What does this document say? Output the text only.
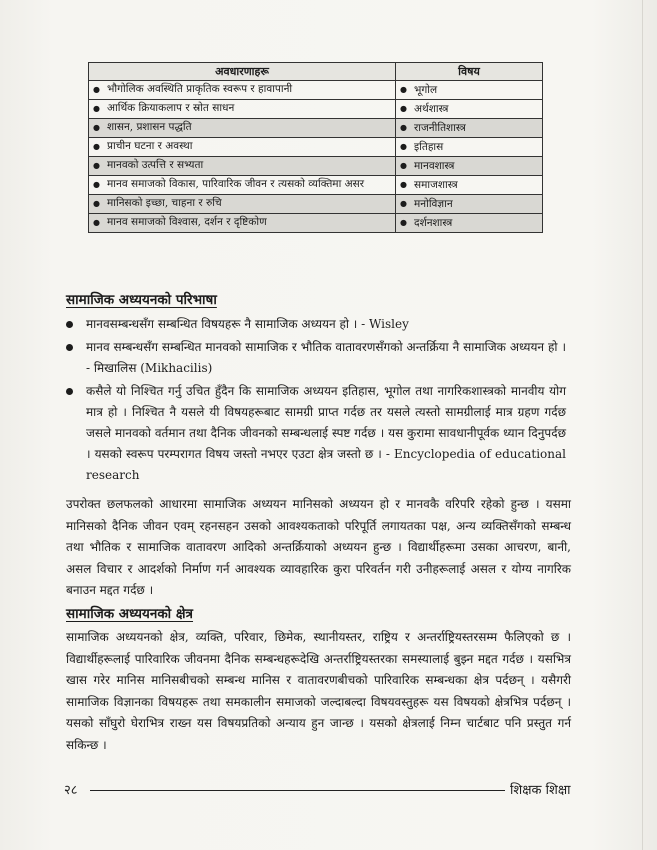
अवधारणाहरू	विषय

● भौगोलिक अवस्थिति प्राकृतिक स्वरूप र हावापानी	● भूगोल

● आर्थिक क्रियाकलाप र स्रोत साधन	● अर्थशास्त्र

● शासन, प्रशासन पद्धति	● राजनीतिशास्त्र

● प्राचीन घटना र अवस्था	● इतिहास

● मानवको उत्पत्ति र सभ्यता	● मानवशास्त्र

● मानव समाजको विकास, पारिवारिक जीवन र त्यसको व्यक्तिमा असर	● समाजशास्त्र

● मानिसको इच्छा, चाहना र रुचि	● मनोविज्ञान

● मानव समाजको विश्वास, दर्शन र दृष्टिकोण	● दर्शनशास्त्र
सामाजिक अध्ययनको परिभाषा
मानवसम्बन्धसँग सम्बन्धित विषयहरू नै सामाजिक अध्ययन हो । - Wisley
मानव सम्बन्धसँग सम्बन्धित मानवको सामाजिक र भौतिक वातावरणसँगको अन्तर्क्रिया नै सामाजिक अध्ययन हो । - मिखालिस (Mikhacilis)
कसैले यो निश्चित गर्नु उचित हुँदैन कि सामाजिक अध्ययन इतिहास, भूगोल तथा नागरिकशास्त्रको मानवीय योग मात्र हो । निश्चित नै यसले यी विषयहरूबाट सामग्री प्राप्त गर्दछ तर यसले त्यस्तो सामग्रीलाई मात्र ग्रहण गर्दछ जसले मानवको वर्तमान तथा दैनिक जीवनको सम्बन्धलाई स्पष्ट गर्दछ । यस कुरामा सावधानीपूर्वक ध्यान दिनुपर्दछ । यसको स्वरूप परम्परागत विषय जस्तो नभएर एउटा क्षेत्र जस्तो छ । - Encyclopedia of educational research

उपरोक्त छलफलको आधारमा सामाजिक अध्ययन मानिसको अध्ययन हो र मानवकै वरिपरि रहेको हुन्छ । यसमा मानिसको दैनिक जीवन एवम् रहनसहन उसको आवश्यकताको परिपूर्ति लगायतका पक्ष, अन्य व्यक्तिसँगको सम्बन्ध तथा भौतिक र सामाजिक वातावरण आदिको अन्तर्क्रियाको अध्ययन हुन्छ । विद्यार्थीहरूमा उसका आचरण, बानी, असल विचार र आदर्शको निर्माण गर्न आवश्यक व्यावहारिक कुरा परिवर्तन गरी उनीहरूलाई असल र योग्य नागरिक बनाउन मद्दत गर्दछ ।

सामाजिक अध्ययनको क्षेत्र

सामाजिक अध्ययनको क्षेत्र, व्यक्ति, परिवार, छिमेक, स्थानीयस्तर, राष्ट्रिय र अन्तर्राष्ट्रियस्तरसम्म फैलिएको छ । विद्यार्थीहरूलाई पारिवारिक जीवनमा दैनिक सम्बन्धहरूदेखि अन्तर्राष्ट्रियस्तरका समस्यालाई बुझ्न मद्दत गर्दछ । यसभित्र खास गरेर मानिस मानिसबीचको सम्बन्ध मानिस र वातावरणबीचको पारिवारिक सम्बन्धका क्षेत्र पर्दछन् । यसैगरी सामाजिक विज्ञानका विषयहरू तथा समकालीन समाजको जल्दाबल्दा विषयवस्तुहरू यस विषयको क्षेत्रभित्र पर्दछन् । यसको साँघुरो घेराभित्र राख्न यस विषयप्रतिको अन्याय हुन जान्छ । यसको क्षेत्रलाई निम्न चार्टबाट पनि प्रस्तुत गर्न सकिन्छ ।

२८	शिक्षक शिक्षा
